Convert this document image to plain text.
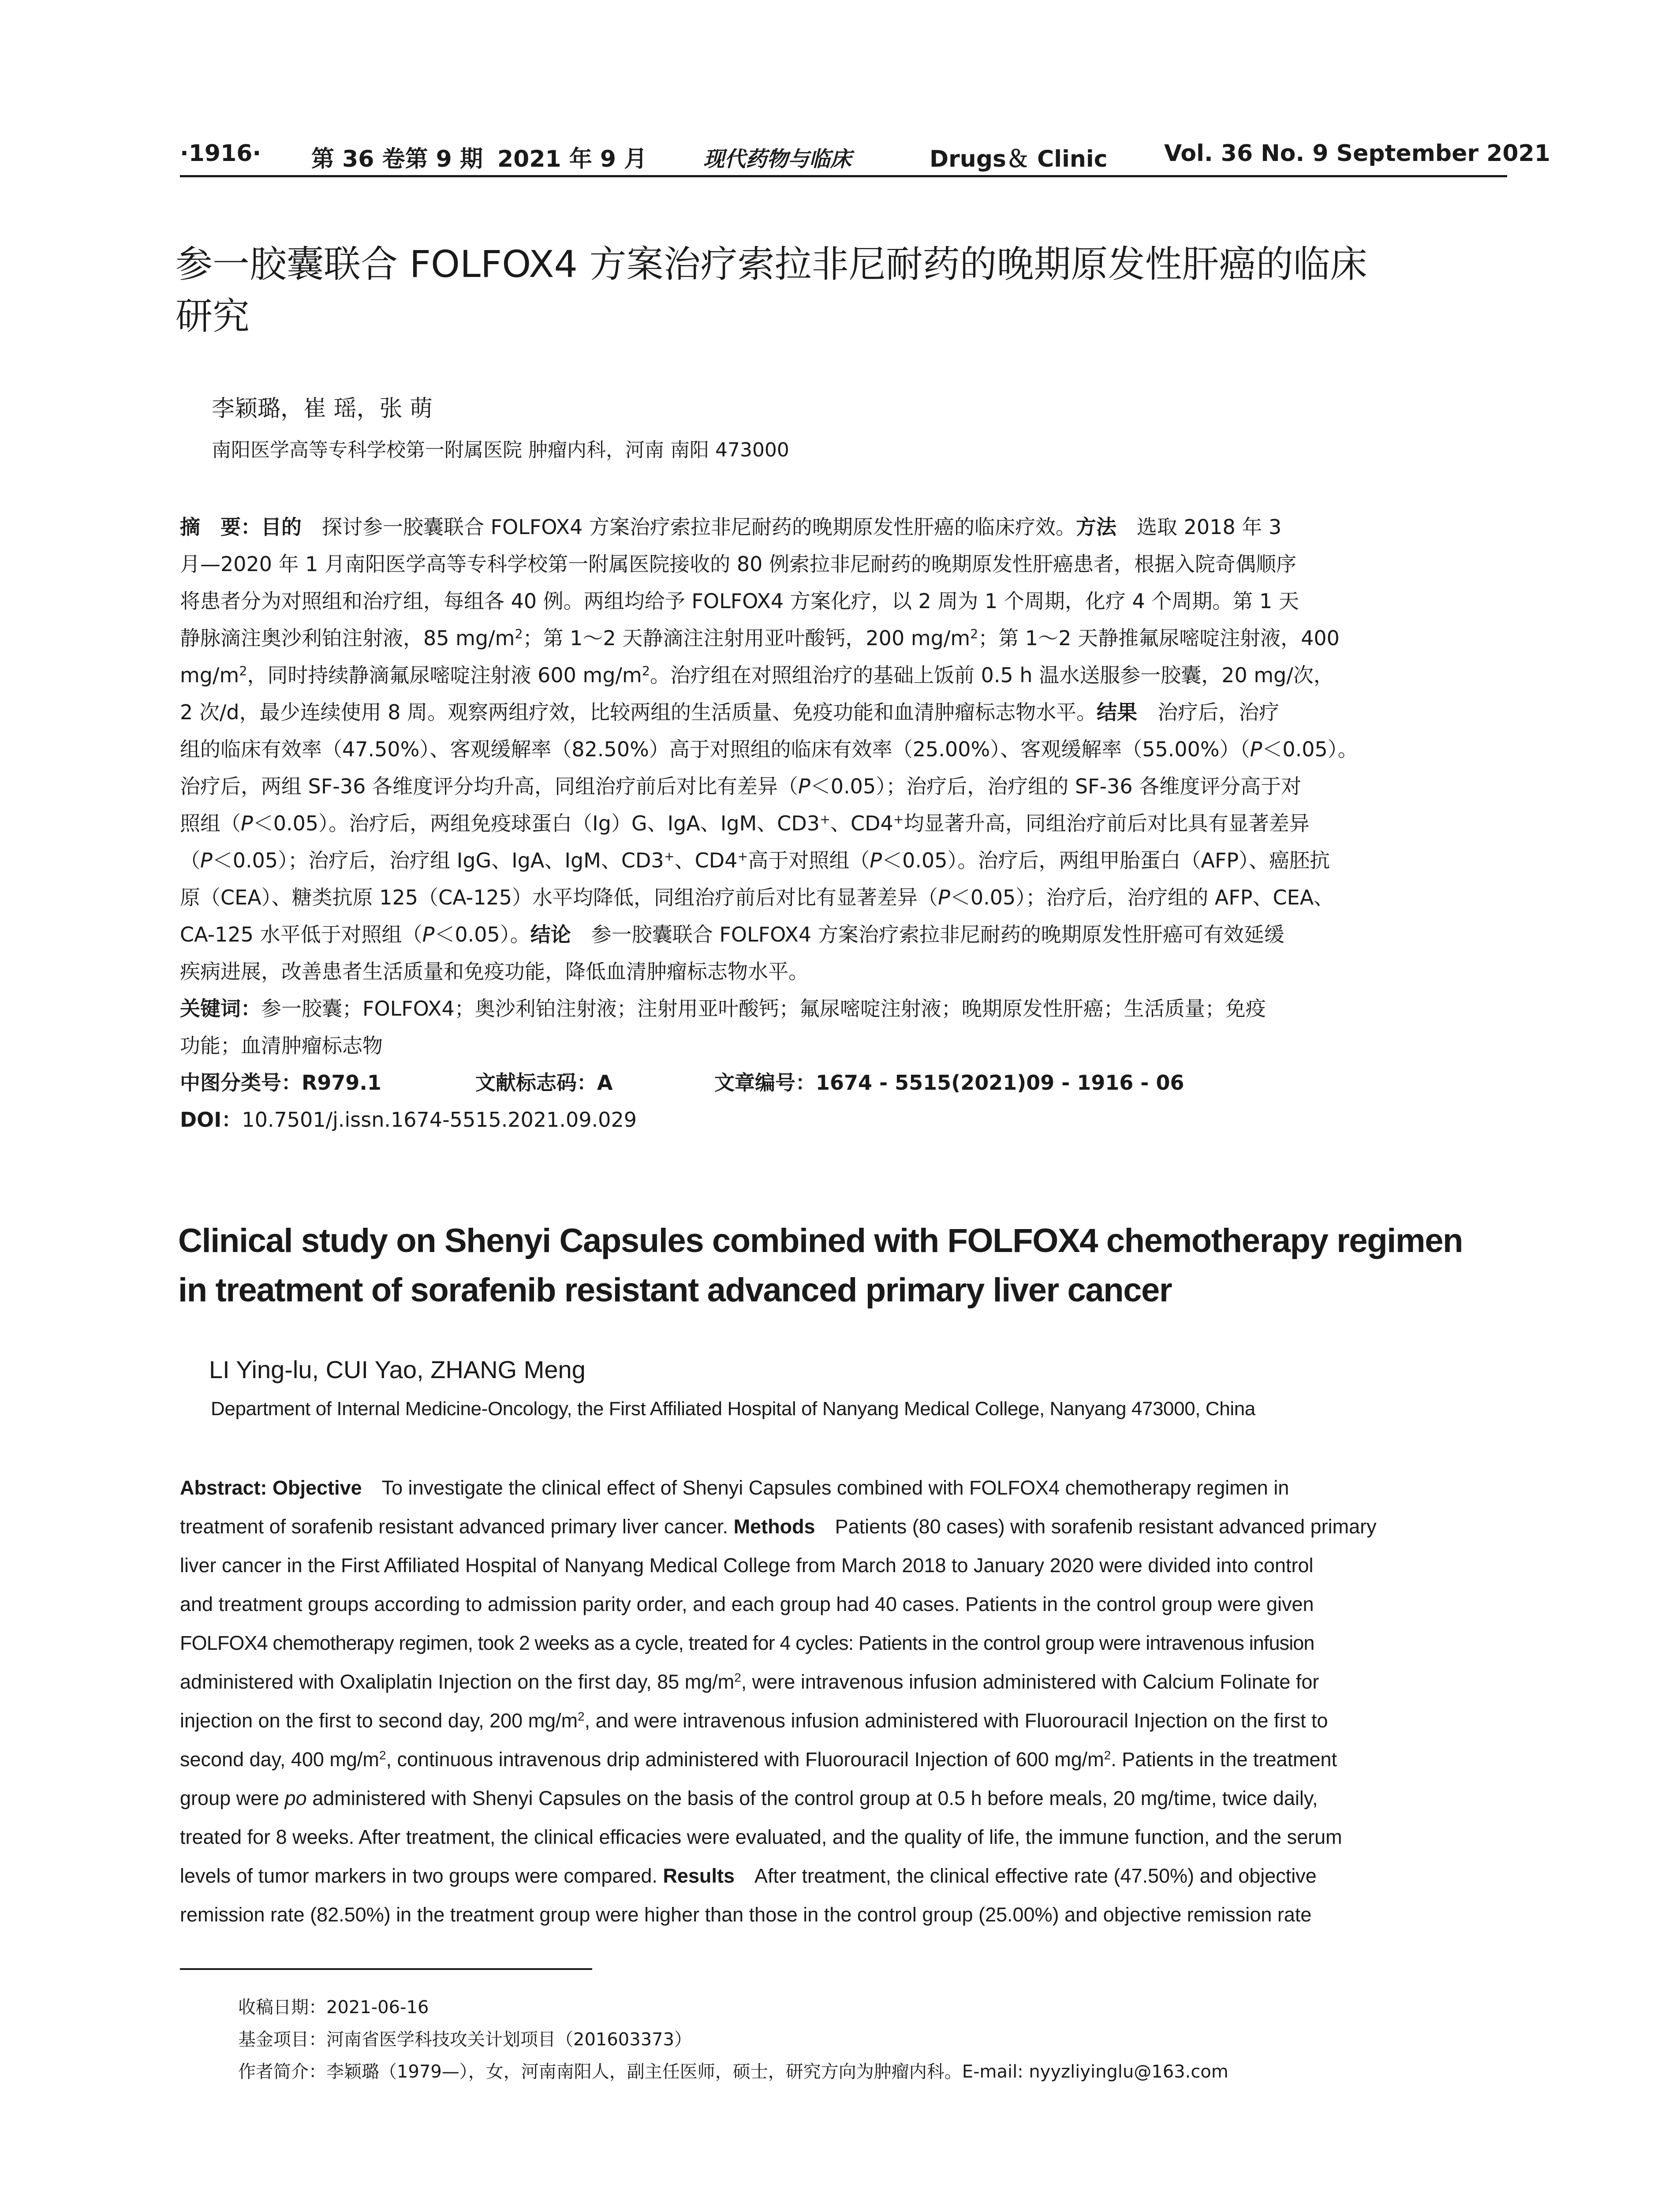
·1916· 第 36 卷第 9 期 2021 年 9 月	现代药物与临床	Drugs＆ Clinic Vol. 36 No. 9 September 2021
参一胶囊联合 FOLFOX4 方案治疗索拉非尼耐药的晚期原发性肝癌的临床
研究
李颖璐，崔 瑶，张 萌
南阳医学高等专科学校第一附属医院 肿瘤内科，河南 南阳 473000
摘　要：目的　探讨参一胶囊联合 FOLFOX4 方案治疗索拉非尼耐药的晚期原发性肝癌的临床疗效。方法　选取 2018 年 3
月—2020 年 1 月南阳医学高等专科学校第一附属医院接收的 80 例索拉非尼耐药的晚期原发性肝癌患者，根据入院奇偶顺序
将患者分为对照组和治疗组，每组各 40 例。两组均给予 FOLFOX4 方案化疗，以 2 周为 1 个周期，化疗 4 个周期。第 1 天
静脉滴注奥沙利铂注射液，85 $mg/m^2$；第 1～2 天静滴注注射用亚叶酸钙，200 $mg/m^2$；第 1～2 天静推氟尿嘧啶注射液，400
$mg/m^2$，同时持续静滴氟尿嘧啶注射液 600 $mg/m^2$。治疗组在对照组治疗的基础上饭前 0.5 h 温水送服参一胶囊，20 mg/次，
2 次/d，最少连续使用 8 周。观察两组疗效，比较两组的生活质量、免疫功能和血清肿瘤标志物水平。结果　治疗后，治疗
组的临床有效率（47.50%）、客观缓解率（82.50%）高于对照组的临床有效率（25.00%）、客观缓解率（55.00%）（P＜0.05）。
治疗后，两组 SF-36 各维度评分均升高，同组治疗前后对比有差异（P＜0.05）；治疗后，治疗组的 SF-36 各维度评分高于对
照组（P＜0.05）。治疗后，两组免疫球蛋白（Ig）G、IgA、IgM、CD3+、CD4+均显著升高，同组治疗前后对比具有显著差异
（P＜0.05）；治疗后，治疗组 IgG、IgA、IgM、CD3+、CD4+高于对照组（P＜0.05）。治疗后，两组甲胎蛋白（AFP）、癌胚抗
原（CEA）、糖类抗原 125（CA-125）水平均降低，同组治疗前后对比有显著差异（P＜0.05）；治疗后，治疗组的 AFP、CEA、
CA-125 水平低于对照组（P＜0.05）。结论　参一胶囊联合 FOLFOX4 方案治疗索拉非尼耐药的晚期原发性肝癌可有效延缓
疾病进展，改善患者生活质量和免疫功能，降低血清肿瘤标志物水平。
关键词：参一胶囊；FOLFOX4；奥沙利铂注射液；注射用亚叶酸钙；氟尿嘧啶注射液；晚期原发性肝癌；生活质量；免疫
功能；血清肿瘤标志物
中图分类号：R979.1	文献标志码：A	文章编号：1674 - 5515(2021)09 - 1916 - 06
DOI：10.7501/j.issn.1674-5515.2021.09.029
Clinical study on Shenyi Capsules combined with FOLFOX4 chemotherapy regimen
in treatment of sorafenib resistant advanced primary liver cancer
LI Ying-lu, CUI Yao, ZHANG Meng
Department of Internal Medicine-Oncology, the First Affiliated Hospital of Nanyang Medical College, Nanyang 473000, China
Abstract: Objective　To investigate the clinical effect of Shenyi Capsules combined with FOLFOX4 chemotherapy regimen in
treatment of sorafenib resistant advanced primary liver cancer. Methods　Patients (80 cases) with sorafenib resistant advanced primary
liver cancer in the First Affiliated Hospital of Nanyang Medical College from March 2018 to January 2020 were divided into control
and treatment groups according to admission parity order, and each group had 40 cases. Patients in the control group were given
FOLFOX4 chemotherapy regimen, took 2 weeks as a cycle, treated for 4 cycles: Patients in the control group were intravenous infusion
administered with Oxaliplatin Injection on the first day, 85 $mg/m^2$, were intravenous infusion administered with Calcium Folinate for
injection on the first to second day, 200 $mg/m^2$, and were intravenous infusion administered with Fluorouracil Injection on the first to
second day, 400 $mg/m^2$, continuous intravenous drip administered with Fluorouracil Injection of 600 $mg/m^2$. Patients in the treatment
group were po administered with Shenyi Capsules on the basis of the control group at 0.5 h before meals, 20 mg/time, twice daily,
treated for 8 weeks. After treatment, the clinical efficacies were evaluated, and the quality of life, the immune function, and the serum
levels of tumor markers in two groups were compared. Results　After treatment, the clinical effective rate (47.50%) and objective
remission rate (82.50%) in the treatment group were higher than those in the control group (25.00%) and objective remission rate
收稿日期：2021-06-16
基金项目：河南省医学科技攻关计划项目（201603373）
作者简介：李颖璐（1979—），女，河南南阳人，副主任医师，硕士，研究方向为肿瘤内科。E-mail: nyyzliyinglu@163.com
